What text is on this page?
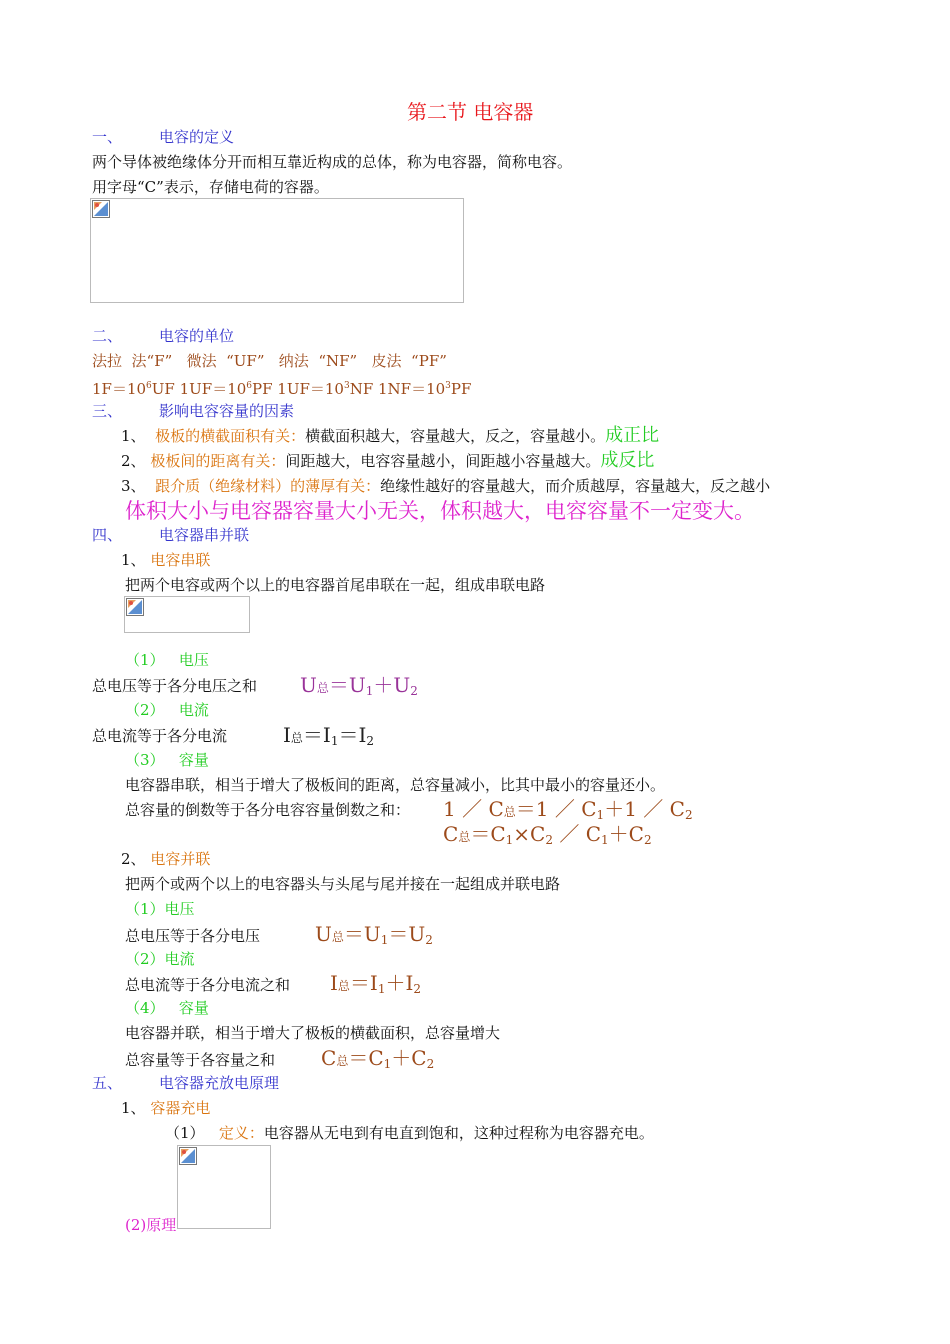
第二节 电容器
一、 电容的定义
两个导体被绝缘体分开而相互靠近构成的总体，称为电容器，简称电容。
用字母“C”表示，存储电荷的容器。
二、 电容的单位
法拉  法“F”   微法  “UF”   纳法  “NF”   皮法  “PF”
$1F=10^6UF$ $1UF=10^6PF$ $1UF=10^3NF$ $1NF=10^3PF$
三、 影响电容容量的因素
1、 极板的横截面积有关：横截面积越大，容量越大，反之，容量越小。成正比
2、 极板间的距离有关：间距越大，电容容量越小，间距越小容量越大。成反比
3、 跟介质（绝缘材料）的薄厚有关：绝缘性越好的容量越大，而介质越厚，容量越大，反之越小
体积大小与电容器容量大小无关，体积越大，电容容量不一定变大。
四、 电容器串并联
1、 电容串联
把两个电容或两个以上的电容器首尾串联在一起，组成串联电路
（1）   电压
总电压等于各分电压之和 U总$=U_1+U_2$
（2）   电流
总电流等于各分电流	I总$=I_1=I_2$
（3）   容量
电容器串联，相当于增大了极板间的距离，总容量减小，比其中最小的容量还小。
总容量的倒数等于各分电容容量倒数之和： 1 ／ C总＝1 ／ $C_1+1$ ／ $C_2$
C总$=C_1\times C_2$ ／ $C_1+C_2$
2、 电容并联
把两个或两个以上的电容器头与头尾与尾并接在一起组成并联电路
（1）电压
总电压等于各分电压	U总$=U_1=U_2$
（2）电流
总电流等于各分电流之和 I总$=I_1+I_2$
（4）   容量
电容器并联，相当于增大了极板的横截面积，总容量增大
总容量等于各容量之和 C总$=C_1+C_2$
五、 电容器充放电原理
1、 容器充电
（1） 定义：电容器从无电到有电直到饱和，这种过程称为电容器充电。
(2)原理
